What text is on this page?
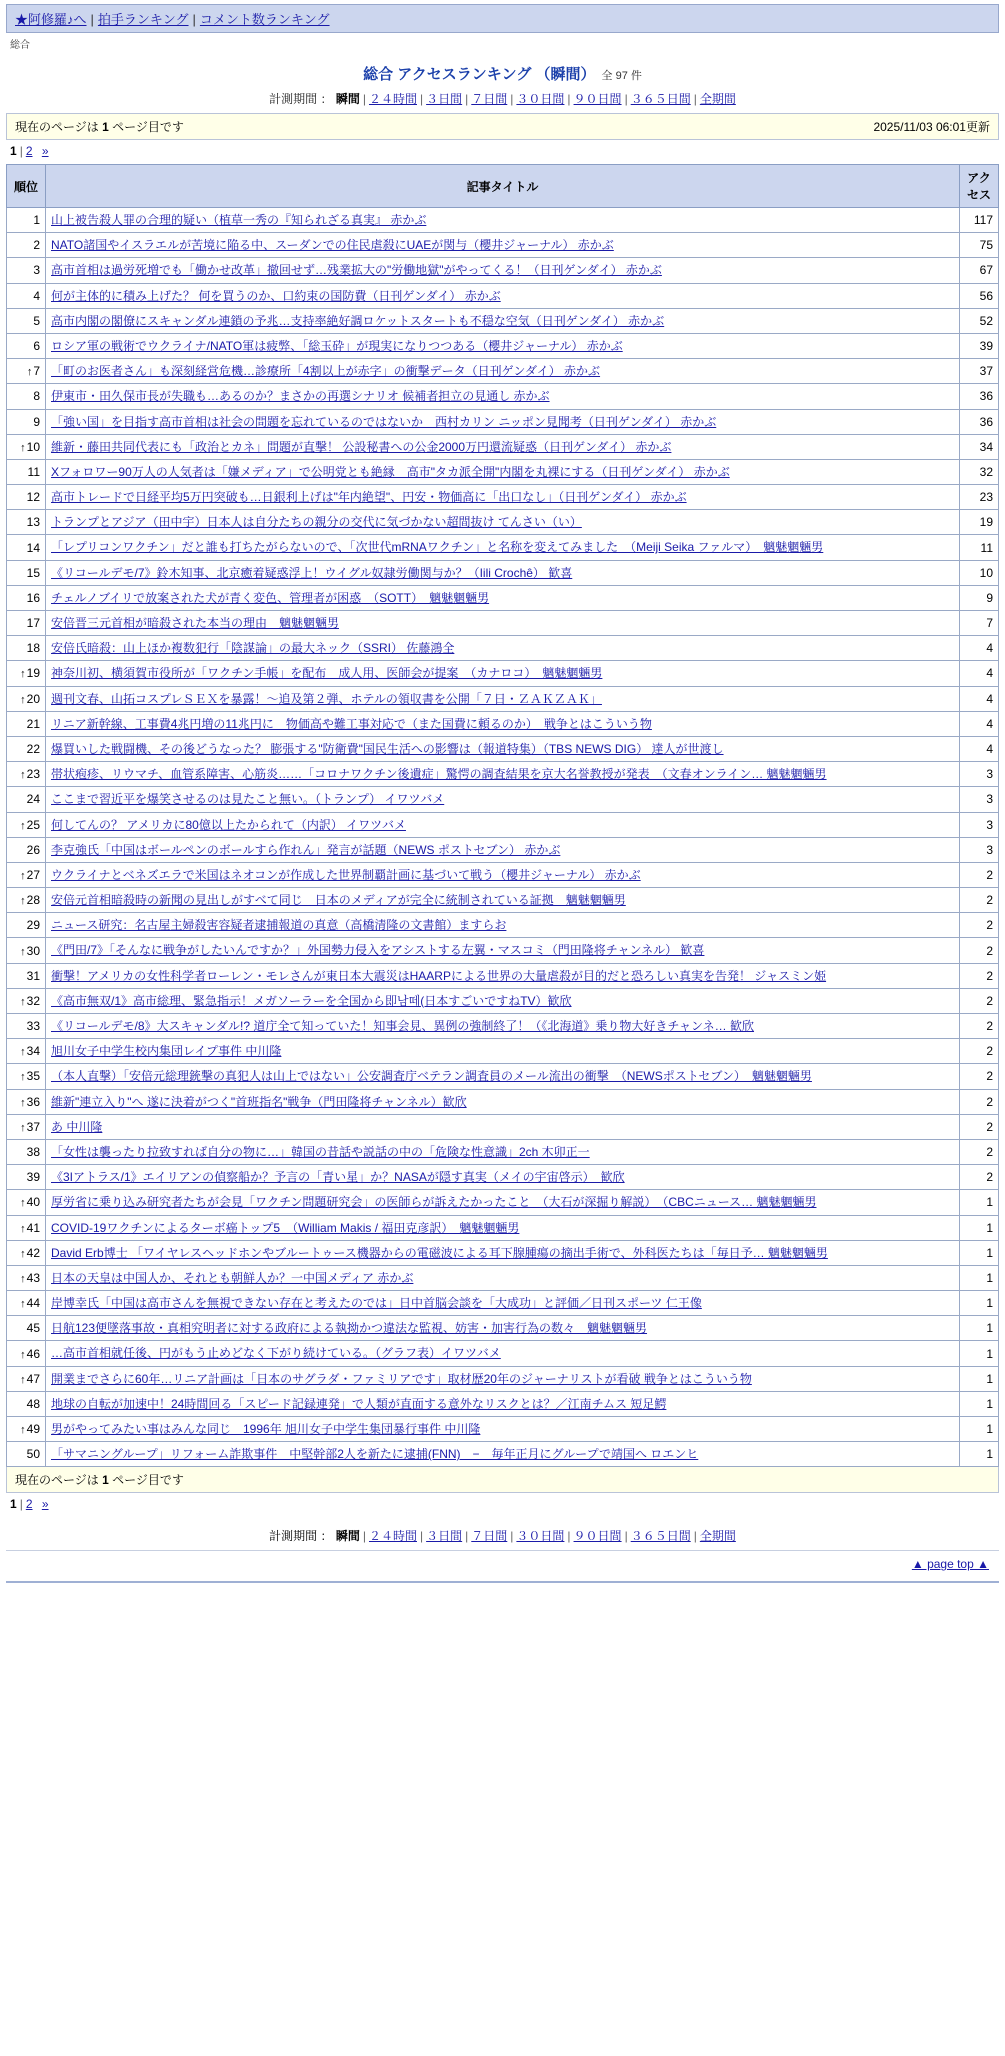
★阿修羅♪へ | 拍手ランキング | コメント数ランキング
総合
総合 アクセスランキング （瞬間） 全 97 件
計測期間 ： 瞬間 | ２４時間 | ３日間 | ７日間 | ３０日間 | ９０日間 | ３６５日間 | 全期間
現在のページは 1 ページ目です	2025/11/03 06:01更新
1 | 2 »
順位	記事タイトル	アクセス
1	山上被告殺人罪の合理的疑い（植草一秀の『知られざる真実』 赤かぶ	117
2	NATO諸国やイスラエルが苦境に陥る中、スーダンでの住民虐殺にUAEが関与（櫻井ジャーナル） 赤かぶ	75
3	高市首相は過労死増でも「働かせ改革」撤回せず…残業拡大の"労働地獄"がやってくる！（日刊ゲンダイ） 赤かぶ	67
4	何が主体的に積み上げた？ 何を買うのか、口約束の国防費（日刊ゲンダイ） 赤かぶ	56
5	高市内閣の閣僚にスキャンダル連鎖の予兆…支持率絶好調ロケットスタートも不穏な空気（日刊ゲンダイ） 赤かぶ	52
6	ロシア軍の戦術でウクライナ/NATO軍は疲弊、「総玉砕」が現実になりつつある（櫻井ジャーナル） 赤かぶ	39
↑7	「町のお医者さん」も深刻経営危機…診療所「4割以上が赤字」の衝撃データ（日刊ゲンダイ） 赤かぶ	37
8	伊東市・田久保市長が失職も…あるのか？まさかの再選シナリオ 候補者担立の見通し 赤かぶ	36
9	「強い国」を目指す高市首相は社会の問題を忘れているのではないか　西村カリン ニッポン見聞考（日刊ゲンダイ） 赤かぶ	36
↑10	維新・藤田共同代表にも「政治とカネ」問題が直撃！ 公設秘書への公金2000万円還流疑惑（日刊ゲンダイ） 赤かぶ	34
11	Xフォロワー90万人の人気者は「嫌メディア」で公明党とも絶縁　高市"タカ派全開"内閣を丸裸にする（日刊ゲンダイ） 赤かぶ	32
12	高市トレードで日経平均5万円突破も…日銀利上げは"年内絶望"、円安・物価高に「出口なし」（日刊ゲンダイ） 赤かぶ	23
13	トランプとアジア（田中宇）日本人は自分たちの親分の交代に気づかない超間抜け てんさい（い）	19
14	「レプリコンワクチン」だと誰も打ちたがらないので、「次世代mRNAワクチン」と名称を変えてみました　（Meiji Seika ファルマ）　魑魅魍魎男	11
15	《リコールデモ/7》鈴木知事、北京癒着疑惑浮上！ウイグル奴隷労働関与か？（Iili Crochê） 歓喜	10
16	チェルノブイリで放案された犬が青く変色、管理者が困惑　（SOTT）　魑魅魍魎男	9
17	安倍晋三元首相が暗殺された本当の理由　魑魅魍魎男	7
18	安倍氏暗殺：山上ほか複数犯行「陰謀論」の最大ネック（SSRI） 佐藤鴻全	4
↑19	神奈川初、横須賀市役所が「ワクチン手帳」を配布　成人用、医師会が提案　（カナロコ）　魑魅魍魎男	4
↑20	週刊文春、山拓コスプレＳＥＸを暴露！～追及第２弾、ホテルの領収書を公開「７日・ＺＡＫＺＡＫ」	4
21	リニア新幹線、工事費4兆円増の11兆円に　物価高や難工事対応で（また国費に頼るのか）　戦争とはこういう物	4
22	爆買いした戦闘機、その後どうなった？ 膨張する"防衛費"国民生活への影響は（報道特集）（TBS NEWS DIG） 達人が世渡し	4
↑23	帯状疱疹、リウマチ、血管系障害、心筋炎……「コロナワクチン後遺症」驚愕の調査結果を京大名誉教授が発表　（文春オンライン… 魑魅魍魎男	3
24	ここまで習近平を爆笑させるのは見たこと無い。（トランプ） イワツバメ	3
↑25	何してんの？ アメリカに80億以上たかられて（内訳） イワツバメ	3
26	李克強氏「中国はボールペンのボールすら作れん」発言が話題（NEWS ポストセブン） 赤かぶ	3
↑27	ウクライナとベネズエラで米国はネオコンが作成した世界制覇計画に基づいて戦う（櫻井ジャーナル） 赤かぶ	2
↑28	安倍元首相暗殺時の新聞の見出しがすべて同じ　日本のメディアが完全に統制されている証拠　魑魅魍魎男	2
29	ニュース研究：名古屋主婦殺害容疑者逮捕報道の真意（高橋清隆の文書館）ますらお	2
↑30	《門田/7》「そんなに戦争がしたいんですか？」外国勢力侵入をアシストする左翼・マスコミ（門田隆将チャンネル） 歓喜	2
31	衝撃！アメリカの女性科学者ローレン・モレさんが東日本大震災はHAARPによる世界の大量虐殺が目的だと恐ろしい真実を告発！ ジャスミン姫	2
↑32	《高市無双/1》高市総理、緊急指示！メガソーラーを全国から即남떼(日本すごいですねTV）歓欣	2
33	《リコールデモ/8》大スキャンダル!? 道庁全て知っていた！知事会見、異例の強制終了！（《北海道》乗り物大好きチャンネ… 歓欣	2
↑34	旭川女子中学生校内集団レイプ事件 中川隆	2
↑35	（本人直撃）「安倍元総理銃撃の真犯人は山上ではない」公安調査庁ベテラン調査員のメール流出の衝撃　（NEWSポストセブン）　魑魅魍魎男	2
↑36	維新"連立入り"へ 遂に決着がつく"首班指名"戦争（門田隆将チャンネル）歓欣	2
↑37	あ 中川隆	2
38	「女性は襲ったり拉致すれば自分の物に…」韓国の昔話や説話の中の「危険な性意識」2ch 木卯正一	2
39	《3Iアトラス/1》エイリアンの偵察船か？予言の「青い星」か？NASAが隠す真実（メイの宇宙啓示）　歓欣	2
↑40	厚労省に乗り込み研究者たちが会見「ワクチン問題研究会」の医師らが訴えたかったこと　（大石が深掘り解説）　（CBCニュース… 魑魅魍魎男	1
↑41	COVID-19ワクチンによるターボ癌トップ5　（William Makis / 福田克彦訳）　魑魅魍魎男	1
↑42	David Erb博士 「ワイヤレスヘッドホンやブルートゥース機器からの電磁波による耳下腺腫瘍の摘出手術で、外科医たちは「毎日予… 魑魅魍魎男	1
↑43	日本の天皇は中国人か、それとも朝鮮人か？一中国メディア 赤かぶ	1
↑44	岸博幸氏「中国は高市さんを無視できない存在と考えたのでは」日中首脳会談を「大成功」と評価／日刊スポーツ 仁王像	1
45	日航123便墜落事故・真相究明者に対する政府による執拗かつ違法な監視、妨害・加害行為の数々　魑魅魍魎男	1
↑46	…高市首相就任後、円がもう止めどなく下がり続けている。（グラフ表）イワツバメ	1
↑47	開業までさらに60年…リニア計画は「日本のサグラダ・ファミリアです」取材歴20年のジャーナリストが看破 戦争とはこういう物	1
48	地球の自転が加速中！24時間回る「スピード記録連発」で人類が直面する意外なリスクとは？／江南チムス 短足鰐	1
↑49	男がやってみたい事はみんな同じ＿1996年 旭川女子中学生集団暴行事件 中川隆	1
50	「サマニングループ」リフォーム詐欺事件　中堅幹部2人を新たに逮捕(FNN)　−　毎年正月にグループで靖国へ ロエンヒ	1
現在のページは 1 ページ目です
1 | 2 »
計測期間 ： 瞬間 | ２４時間 | ３日間 | ７日間 | ３０日間 | ９０日間 | ３６５日間 | 全期間
▲ page top ▲
